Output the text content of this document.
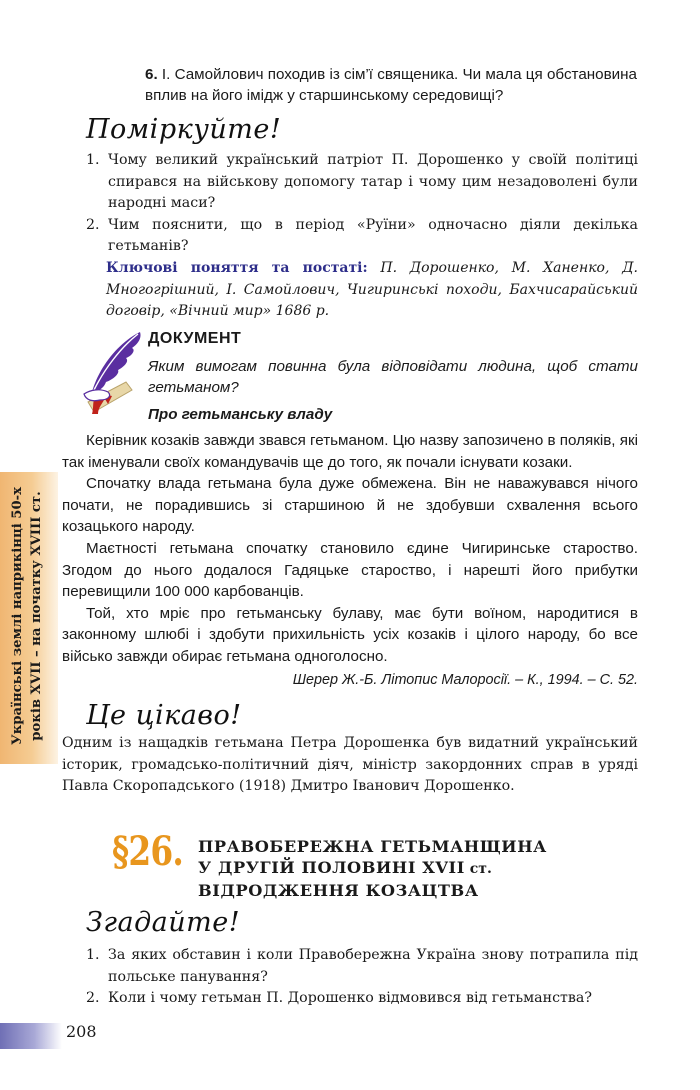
6. І. Самойлович походив із сім’ї священика. Чи мала ця обстановина вплив на його імідж у старшинському середовищі?
Поміркуйте!
1. Чому великий український патріот П. Дорошенко у своїй політиці спирався на військову допомогу татар і чому цим незадоволені були народні маси?
2. Чим пояснити, що в період «Руїни» одночасно діяли декілька гетьманів?
Ключові поняття та постаті: П. Дорошенко, М. Ханенко, Д. Многогрішний, І. Самойлович, Чигиринські походи, Бахчисарайський договір, «Вічний мир» 1686 р.
ДОКУМЕНТ
Яким вимогам повинна була відповідати людина, щоб стати гетьманом?
Про гетьманську владу

Керівник козаків завжди звався гетьманом. Цю назву запозичено в поляків, які так іменували своїх командувачів ще до того, як почали існувати козаки.

Спочатку влада гетьмана була дуже обмежена. Він не наважувався нічого почати, не порадившись зі старшиною й не здобувши схвалення всього козацького народу.

Маєтності гетьмана спочатку становило єдине Чигиринське староство. Згодом до нього додалося Гадяцьке староство, і нарешті його прибутки перевищили 100 000 карбованців.

Той, хто мріє про гетьманську булаву, має бути воїном, народитися в законному шлюбі і здобути прихильність усіх козаків і цілого народу, бо все військо завжди обирає гетьмана одноголосно.

Шерер Ж.-Б. Літопис Малоросії. – К., 1994. – С. 52.
Це цікаво!
Одним із нащадків гетьмана Петра Дорошенка був видатний український історик, громадсько-політичний діяч, міністр закордонних справ в уряді Павла Скоропадського (1918) Дмитро Іванович Дорошенко.
§26. ПРАВОБЕРЕЖНА ГЕТЬМАНЩИНА
У ДРУГІЙ ПОЛОВИНІ XVII ст.
ВІДРОДЖЕННЯ КОЗАЦТВА
Згадайте!
1. За яких обставин і коли Правобережна Україна знову потрапила під польське панування?
2. Коли і чому гетьман П. Дорошенко відмовився від гетьманства?
Українські землі наприкінці 50-х років XVII – на початку XVIII ст.
208
